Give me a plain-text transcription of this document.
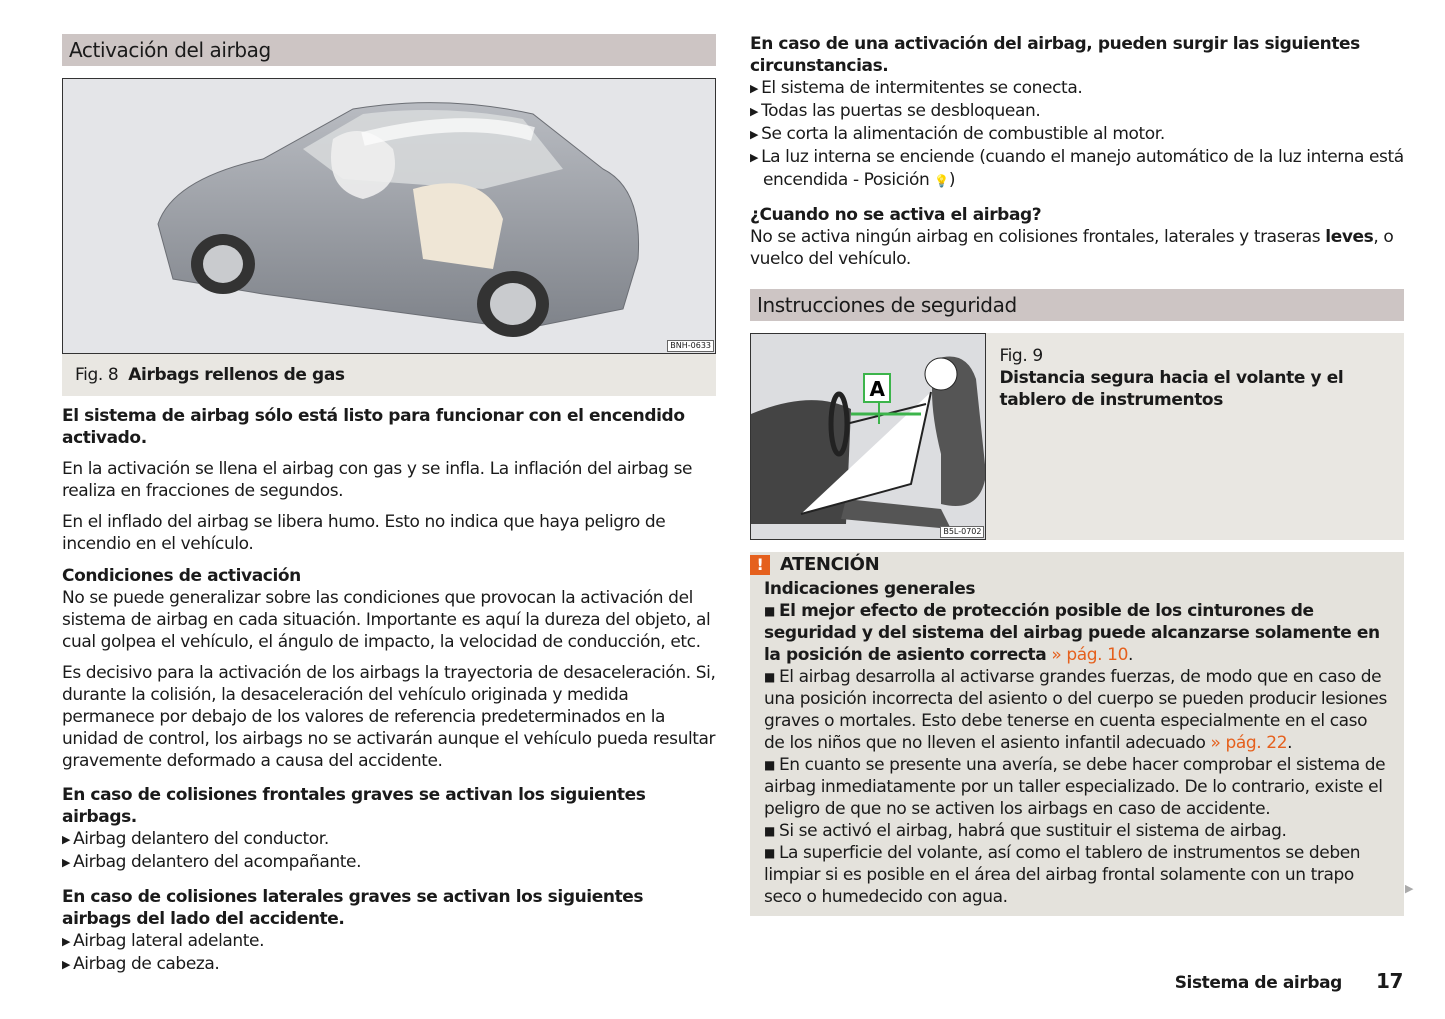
Activación del airbag
BNH-0633
Fig. 8 Airbags rellenos de gas

El sistema de airbag sólo está listo para funcionar con el encendido activado.

En la activación se llena el airbag con gas y se infla. La inflación del airbag se realiza en fracciones de segundos.

En el inflado del airbag se libera humo. Esto no indica que haya peligro de incendio en el vehículo.

Condiciones de activación

No se puede generalizar sobre las condiciones que provocan la activación del sistema de airbag en cada situación. Importante es aquí la dureza del objeto, al cual golpea el vehículo, el ángulo de impacto, la velocidad de conducción, etc.

Es decisivo para la activación de los airbags la trayectoria de desaceleración. Si, durante la colisión, la desaceleración del vehículo originada y medida permanece por debajo de los valores de referencia predeterminados en la unidad de control, los airbags no se activarán aunque el vehículo pueda resultar gravemente deformado a causa del accidente.

En caso de colisiones frontales graves se activan los siguientes airbags.
▶ Airbag delantero del conductor.
▶ Airbag delantero del acompañante.
En caso de colisiones laterales graves se activan los siguientes airbags del lado del accidente.
▶ Airbag lateral adelante.
▶ Airbag de cabeza.
En caso de una activación del airbag, pueden surgir las siguientes circunstancias.
▶ El sistema de intermitentes se conecta.
▶ Todas las puertas se desbloquean.
▶ Se corta la alimentación de combustible al motor.
▶ La luz interna se enciende (cuando el manejo automático de la luz interna está encendida - Posición 💡)
¿Cuando no se activa el airbag?

No se activa ningún airbag en colisiones frontales, laterales y traseras leves, o vuelco del vehículo.

Instrucciones de seguridad
A
B5L-0702
Fig. 9
Distancia segura hacia el volante y el tablero de instrumentos
! ATENCIÓN
Indicaciones generales
■ El mejor efecto de protección posible de los cinturones de seguridad y del sistema del airbag puede alcanzarse solamente en la posición de asiento correcta » pág. 10.
■ El airbag desarrolla al activarse grandes fuerzas, de modo que en caso de una posición incorrecta del asiento o del cuerpo se pueden producir lesiones graves o mortales. Esto debe tenerse en cuenta especialmente en el caso de los niños que no lleven el asiento infantil adecuado » pág. 22.
■ En cuanto se presente una avería, se debe hacer comprobar el sistema de airbag inmediatamente por un taller especializado. De lo contrario, existe el peligro de que no se activen los airbags en caso de accidente.
■ Si se activó el airbag, habrá que sustituir el sistema de airbag.
■ La superficie del volante, así como el tablero de instrumentos se deben limpiar si es posible en el área del airbag frontal solamente con un trapo seco o humedecido con agua.	▶
Sistema de airbag 17
